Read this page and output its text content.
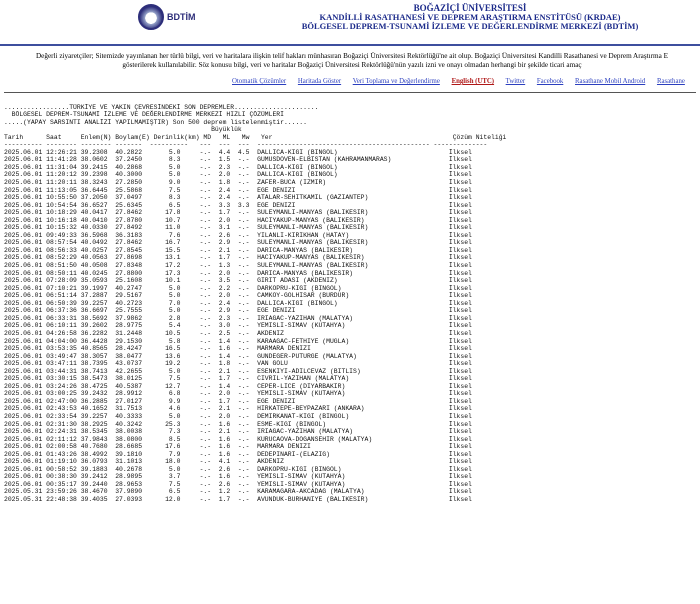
BDTİM
BOĞAZİÇİ ÜNİVERSİTESİ
KANDİLLİ RASATHANESİ VE DEPREM ARAŞTIRMA ENSTİTÜSÜ (KRDAE)
BÖLGESEL DEPREM-TSUNAMİ İZLEME VE DEĞERLENDİRME MERKEZİ (BDTİM)
Değerli ziyaretçiler; Sitemizde yayınlanan her türlü bilgi, veri ve haritalara ilişkin telif hakları münhasıran Boğaziçi Üniversitesi Rektörlüğü'ne ait olup. Boğaziçi Üniversitesi Kandilli Rasathanesi ve Deprem Araştırma E
gösterilerek kullanılabilir. Söz konusu bilgi, veri ve haritalar Boğaziçi Üniversitesi Rektörlüğü'nün yazılı izni ve onayı olmadan herhangi bir şekilde ticari amaç
Otomatik Çözümler Haritada Göster Veri Toplama ve Değerlendirme English (UTC) Twitter Facebook Rasathane Mobil Android Rasathane
.................TÜRKİYE VE YAKIN ÇEVRESİNDEKİ SON DEPREMLER......................
BÖLGESEL DEPREM-TSUNAMİ İZLEME VE DEĞERLENDİRME MERKEZİ HIZLI ÇÖZÜMLERİ
.....(YAPAY SARSINTI ANALİZİ YAPILMAMIŞTIR) Son 500 deprem listelenmiştir......
Büyüklük
Tarih      Saat     Enlem(N) Boylam(E) Derinlik(km) MD   ML   Mw   Yer                                               Çözüm Niteliği
---------- -------- -------- -------  ----------   ---  ---  ---  --------------------------------------------- --------------
2025.06.01 12:26:21 39.2308  40.2822       5.0     -.-  4.4  4.5  DALLICA-KIGI (BINGOL)                             İlksel
2025.06.01 11:41:28 38.0602  37.2450       8.3     -.-  1.5  -.-  GUMUSDOVEN-ELBISTAN (KAHRAMANMARAS)               İlksel
2025.06.01 11:31:04 39.2415  40.2868       5.0     -.-  2.3  -.-  DALLICA-KIGI (BINGOL)                             İlksel
2025.06.01 11:20:12 39.2398  40.3000       5.0     -.-  2.0  -.-  DALLICA-KIGI (BINGOL)                             İlksel
2025.06.01 11:20:11 38.3243  27.2850       9.0     -.-  1.8  -.-  ZAFER-BUCA (IZMIR)                                İlksel
2025.06.01 11:13:05 36.6445  25.5868       7.5     -.-  2.4  -.-  EGE DENIZI                                        İlksel
2025.06.01 10:55:50 37.2050  37.0497       8.3     -.-  2.4  -.-  ATALAR-SEHITKAMIL (GAZIANTEP)                     İlksel
2025.06.01 10:54:54 36.6527  25.6345       6.5     -.-  3.3  3.3  EGE DENIZI                                        İlksel
2025.06.01 10:18:29 40.0417  27.8462      17.8     -.-  1.7  -.-  SULEYMANLI-MANYAS (BALIKESIR)                     İlksel
2025.06.01 10:16:18 40.0410  27.8780      10.7     -.-  2.0  -.-  HACIYAKUP-MANYAS (BALIKESIR)                      İlksel
2025.06.01 10:15:32 40.0330  27.8492      11.0     -.-  3.1  -.-  SULEYMANLI-MANYAS (BALIKESIR)                     İlksel
2025.06.01 09:49:33 36.5968  36.3183       7.6     -.-  2.6  -.-  YILANLI-KIRIKHAN (HATAY)                          İlksel
2025.06.01 08:57:54 40.0492  27.8462      16.7     -.-  2.9  -.-  SULEYMANLI-MANYAS (BALIKESIR)                     İlksel
2025.06.01 08:56:33 40.0257  27.8545      15.5     -.-  2.1  -.-  DARICA-MANYAS (BALIKESIR)                         İlksel
2025.06.01 08:52:29 40.0563  27.8698      13.1     -.-  1.7  -.-  HACIYAKUP-MANYAS (BALIKESIR)                      İlksel
2025.06.01 08:51:50 40.0508  27.8348      17.2     -.-  1.3  -.-  SULEYMANLI-MANYAS (BALIKESIR)                     İlksel
2025.06.01 08:50:11 40.0245  27.8800      17.3     -.-  2.0  -.-  DARICA-MANYAS (BALIKESIR)                         İlksel
2025.06.01 07:28:09 35.0593  25.1608      10.1     -.-  3.5  -.-  GIRIT ADASI (AKDENIZ)                             İlksel
2025.06.01 07:10:21 39.1997  40.2747       5.0     -.-  2.2  -.-  DARKOPRU-KIGI (BINGOL)                            İlksel
2025.06.01 06:51:14 37.2887  29.5167       5.0     -.-  2.0  -.-  CAMKOY-GOLHISAR (BURDUR)                          İlksel
2025.06.01 06:50:39 39.2257  40.2723       7.0     -.-  2.4  -.-  DALLICA-KIGI (BINGOL)                             İlksel
2025.06.01 06:37:36 36.6697  25.7555       5.0     -.-  2.9  -.-  EGE DENIZI                                        İlksel
2025.06.01 06:33:31 38.5692  37.9862       2.8     -.-  2.3  -.-  IRIAGAC-YAZIHAN (MALATYA)                         İlksel
2025.06.01 06:10:11 39.2602  28.9775       5.4     -.-  3.0  -.-  YEMISLI-SIMAV (KUTAHYA)                           İlksel
2025.06.01 04:26:58 36.2282  31.2448      10.5     -.-  2.5  -.-  AKDENIZ                                           İlksel
2025.06.01 04:04:00 36.4428  29.1530       5.8     -.-  1.4  -.-  KARAAGAC-FETHIYE (MUGLA)                          İlksel
2025.06.01 03:53:35 40.8565  28.4247      16.5     -.-  1.6  -.-  MARMARA DENIZI                                    İlksel
2025.06.01 03:49:47 38.3057  38.0477      13.6     -.-  1.4  -.-  GUNDEGER-PUTURGE (MALATYA)                        İlksel
2025.06.01 03:47:11 38.7395  43.0737      19.2     -.-  1.8  -.-  VAN GOLU                                          İlksel
2025.06.01 03:44:31 38.7413  42.2655       5.0     -.-  2.1  -.-  ESENKIYI-ADILCEVAZ (BITLIS)                       İlksel
2025.06.01 03:30:15 38.5473  38.0125       7.5     -.-  1.7  -.-  CIVRIL-YAZIHAN (MALATYA)                          İlksel
2025.06.01 03:24:26 38.4725  40.5387      12.7     -.-  1.4  -.-  CEPER-LICE (DIYARBAKIR)                           İlksel
2025.06.01 03:00:25 39.2432  28.9912       6.8     -.-  2.0  -.-  YEMISLI-SIMAV (KUTAHYA)                           İlksel
2025.06.01 02:47:00 36.2885  27.0127       9.9     -.-  1.7  -.-  EGE DENIZI                                        İlksel
2025.06.01 02:43:53 40.1652  31.7513       4.6     -.-  2.1  -.-  HIRKATEPE-BEYPAZARI (ANKARA)                      İlksel
2025.06.01 02:33:54 39.2257  40.3333       5.0     -.-  2.0  -.-  DEMIRKANAT-KIGI (BINGOL)                          İlksel
2025.06.01 02:31:30 38.2925  40.3242      25.3     -.-  1.6  -.-  ESME-KIGI (BINGOL)                                İlksel
2025.06.01 02:24:31 38.5345  38.0038       7.3     -.-  2.1  -.-  IRIAGAC-YAZIHAN (MALATYA)                         İlksel
2025.06.01 02:11:12 37.9843  38.0800       8.5     -.-  1.6  -.-  KURUCAOVA-DOGANSEHIR (MALATYA)                    İlksel
2025.06.01 02:00:58 40.7680  28.6685      17.6     -.-  1.6  -.-  MARMARA DENIZI                                    İlksel
2025.06.01 01:43:26 38.4992  39.1810       7.9     -.-  1.6  -.-  DEDEPINARI-(ELAZIG)                               İlksel
2025.06.01 01:19:10 36.0793  31.1013      18.0     -.-  4.1  -.-  AKDENIZ                                           İlksel
2025.06.01 00:58:52 39.1883  40.2678       5.0     -.-  2.6  -.-  DARKOPRU-KIGI (BINGOL)                            İlksel
2025.06.01 00:38:30 39.2412  28.9895       3.7     -.-  1.6  -.-  YEMISLI-SIMAV (KUTAHYA)                           İlksel
2025.06.01 00:35:17 39.2440  28.9653       7.5     -.-  2.6  -.-  YEMISLI-SIMAV (KUTAHYA)                           İlksel
2025.05.31 23:59:26 38.4670  37.9890       6.5     -.-  1.2  -.-  KARAMAGARA-AKCADAG (MALATYA)                      İlksel
2025.05.31 22:48:38 39.4035  27.0393      12.0     -.-  1.7  -.-  AVUNDUK-BURHANIYE (BALIKESIR)                     İlksel
